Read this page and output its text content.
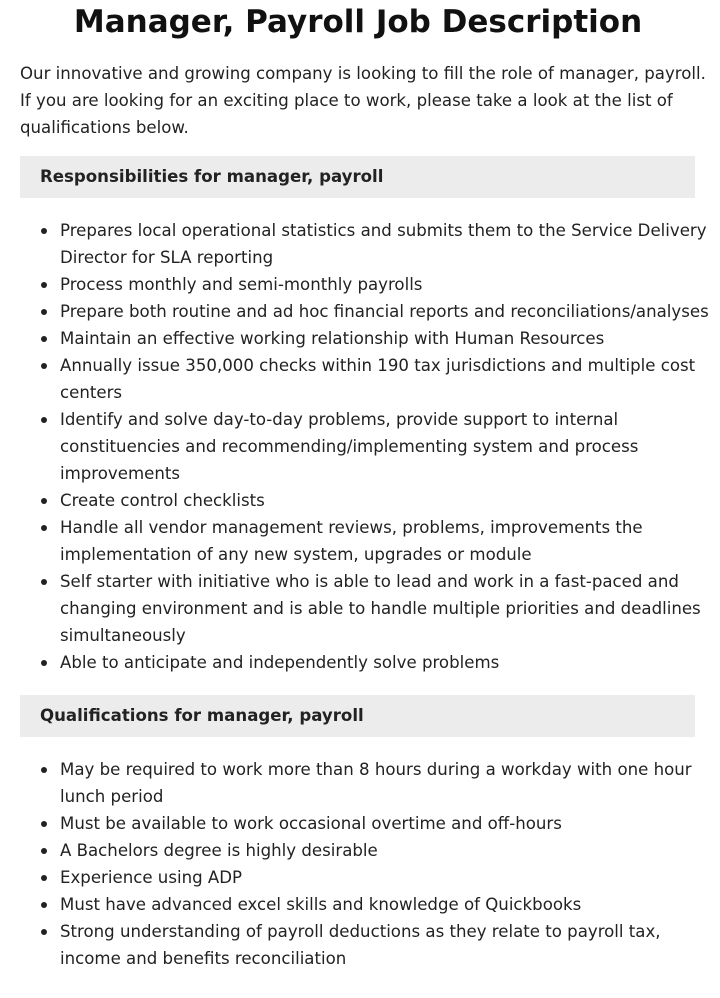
Manager, Payroll Job Description

Our innovative and growing company is looking to fill the role of manager, payroll. If you are looking for an exciting place to work, please take a look at the list of qualifications below.

Responsibilities for manager, payroll
Prepares local operational statistics and submits them to the Service Delivery Director for SLA reporting
Process monthly and semi-monthly payrolls
Prepare both routine and ad hoc financial reports and reconciliations/analyses
Maintain an effective working relationship with Human Resources
Annually issue 350,000 checks within 190 tax jurisdictions and multiple cost centers
Identify and solve day-to-day problems, provide support to internal constituencies and recommending/implementing system and process improvements
Create control checklists
Handle all vendor management reviews, problems, improvements the implementation of any new system, upgrades or module
Self starter with initiative who is able to lead and work in a fast-paced and changing environment and is able to handle multiple priorities and deadlines simultaneously
Able to anticipate and independently solve problems
Qualifications for manager, payroll
May be required to work more than 8 hours during a workday with one hour lunch period
Must be available to work occasional overtime and off-hours
A Bachelors degree is highly desirable
Experience using ADP
Must have advanced excel skills and knowledge of Quickbooks
Strong understanding of payroll deductions as they relate to payroll tax, income and benefits reconciliation
